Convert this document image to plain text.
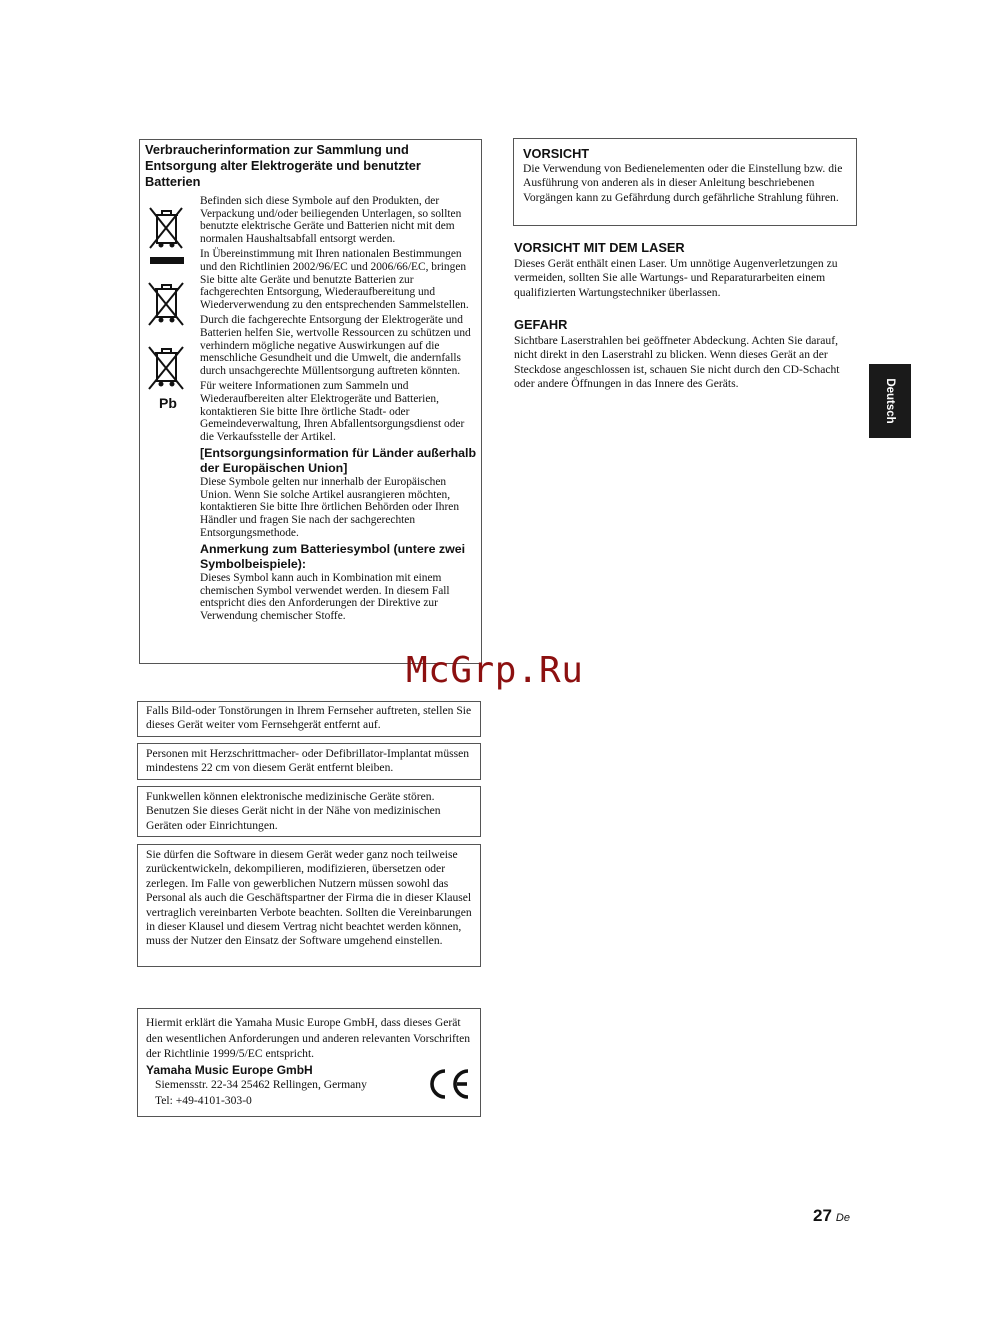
Verbraucherinformation zur Sammlung und Entsorgung alter Elektrogeräte und benutzter Batterien
Pb

Befinden sich diese Symbole auf den Produkten, der Verpackung und/oder beiliegenden Unterlagen, so sollten benutzte elektrische Geräte und Batterien nicht mit dem normalen Haushaltsabfall entsorgt werden.

In Übereinstimmung mit Ihren nationalen Bestimmungen und den Richtlinien 2002/96/EC und 2006/66/EC, bringen Sie bitte alte Geräte und benutzte Batterien zur fachgerechten Entsorgung, Wiederaufbereitung und Wiederverwendung zu den entsprechenden Sammelstellen.

Durch die fachgerechte Entsorgung der Elektrogeräte und Batterien helfen Sie, wertvolle Ressourcen zu schützen und verhindern mögliche negative Auswirkungen auf die menschliche Gesundheit und die Umwelt, die andernfalls durch unsachgerechte Müllentsorgung auftreten könnten.

Für weitere Informationen zum Sammeln und Wiederaufbereiten alter Elektrogeräte und Batterien, kontaktieren Sie bitte Ihre örtliche Stadt- oder Gemeindeverwaltung, Ihren Abfallentsorgungsdienst oder die Verkaufsstelle der Artikel.

[Entsorgungsinformation für Länder außerhalb der Europäischen Union]

Diese Symbole gelten nur innerhalb der Europäischen Union. Wenn Sie solche Artikel ausrangieren möchten, kontaktieren Sie bitte Ihre örtlichen Behörden oder Ihren Händler und fragen Sie nach der sachgerechten Entsorgungsmethode.

Anmerkung zum Batteriesymbol (untere zwei Symbolbeispiele):

Dieses Symbol kann auch in Kombination mit einem chemischen Symbol verwendet werden. In diesem Fall entspricht dies den Anforderungen der Direktive zur Verwendung chemischer Stoffe.

Falls Bild-oder Tonstörungen in Ihrem Fernseher auftreten, stellen Sie dieses Gerät weiter vom Fernsehgerät entfernt auf.

Personen mit Herzschrittmacher- oder Defibrillator-Implantat müssen mindestens 22 cm von diesem Gerät entfernt bleiben.

Funkwellen können elektronische medizinische Geräte stören. Benutzen Sie dieses Gerät nicht in der Nähe von medizinischen Geräten oder Einrichtungen.

Sie dürfen die Software in diesem Gerät weder ganz noch teilweise zurückentwickeln, dekompilieren, modifizieren, übersetzen oder zerlegen. Im Falle von gewerblichen Nutzern müssen sowohl das Personal als auch die Geschäftspartner der Firma die in dieser Klausel vertraglich vereinbarten Verbote beachten. Sollten die Vereinbarungen in dieser Klausel und diesem Vertrag nicht beachtet werden können, muss der Nutzer den Einsatz der Software umgehend einstellen.

Hiermit erklärt die Yamaha Music Europe GmbH, dass dieses Gerät den wesentlichen Anforderungen und anderen relevanten Vorschriften der Richtlinie 1999/5/EC entspricht.

Yamaha Music Europe GmbH
Siemensstr. 22-34 25462 Rellingen, Germany
Tel: +49-4101-303-0
VORSICHT

Die Verwendung von Bedienelementen oder die Einstellung bzw. die Ausführung von anderen als in dieser Anleitung beschriebenen Vorgängen kann zu Gefährdung durch gefährliche Strahlung führen.

VORSICHT MIT DEM LASER

Dieses Gerät enthält einen Laser. Um unnötige Augenverletzungen zu vermeiden, sollten Sie alle Wartungs- und Reparaturarbeiten einem qualifizierten Wartungstechniker überlassen.

GEFAHR

Sichtbare Laserstrahlen bei geöffneter Abdeckung. Achten Sie darauf, nicht direkt in den Laserstrahl zu blicken. Wenn dieses Gerät an der Steckdose angeschlossen ist, schauen Sie nicht durch den CD-Schacht oder andere Öffnungen in das Innere des Geräts.	Deutsch
McGrp.Ru
27 De
